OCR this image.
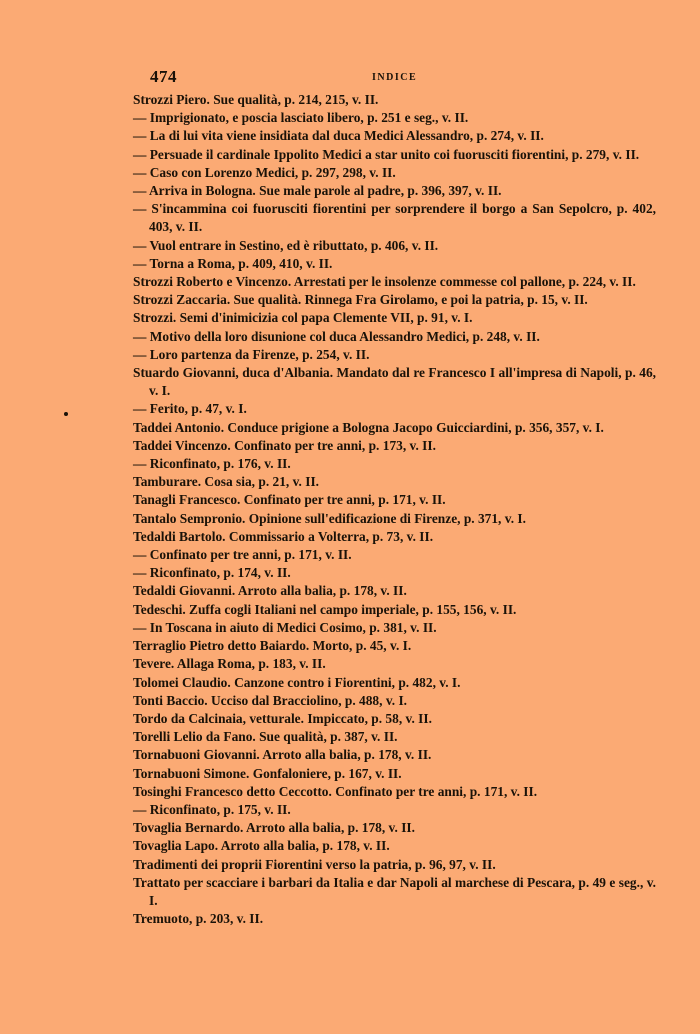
474	INDICE
Strozzi Piero. Sue qualità, p. 214, 215, v. II.
— Imprigionato, e poscia lasciato libero, p. 251 e seg., v. II.
— La di lui vita viene insidiata dal duca Medici Alessandro, p. 274, v. II.
— Persuade il cardinale Ippolito Medici a star unito coi fuorusciti fiorentini, p. 279, v. II.
— Caso con Lorenzo Medici, p. 297, 298, v. II.
— Arriva in Bologna. Sue male parole al padre, p. 396, 397, v. II.
— S'incammina coi fuorusciti fiorentini per sorprendere il borgo a San Sepolcro, p. 402, 403, v. II.
— Vuol entrare in Sestino, ed è ributtato, p. 406, v. II.
— Torna a Roma, p. 409, 410, v. II.
Strozzi Roberto e Vincenzo. Arrestati per le insolenze commesse col pallone, p. 224, v. II.
Strozzi Zaccaria. Sue qualità. Rinnega Fra Girolamo, e poi la patria, p. 15, v. II.
Strozzi. Semi d'inimicizia col papa Clemente VII, p. 91, v. I.
— Motivo della loro disunione col duca Alessandro Medici, p. 248, v. II.
— Loro partenza da Firenze, p. 254, v. II.
Stuardo Giovanni, duca d'Albania. Mandato dal re Francesco I all'impresa di Napoli, p. 46, v. I.
— Ferito, p. 47, v. I.
Taddei Antonio. Conduce prigione a Bologna Jacopo Guicciardini, p. 356, 357, v. I.
Taddei Vincenzo. Confinato per tre anni, p. 173, v. II.
— Riconfinato, p. 176, v. II.
Tamburare. Cosa sia, p. 21, v. II.
Tanagli Francesco. Confinato per tre anni, p. 171, v. II.
Tantalo Sempronio. Opinione sull'edificazione di Firenze, p. 371, v. I.
Tedaldi Bartolo. Commissario a Volterra, p. 73, v. II.
— Confinato per tre anni, p. 171, v. II.
— Riconfinato, p. 174, v. II.
Tedaldi Giovanni. Arroto alla balia, p. 178, v. II.
Tedeschi. Zuffa cogli Italiani nel campo imperiale, p. 155, 156, v. II.
— In Toscana in aiuto di Medici Cosimo, p. 381, v. II.
Terraglio Pietro detto Baiardo. Morto, p. 45, v. I.
Tevere. Allaga Roma, p. 183, v. II.
Tolomei Claudio. Canzone contro i Fiorentini, p. 482, v. I.
Tonti Baccio. Ucciso dal Bracciolino, p. 488, v. I.
Tordo da Calcinaia, vetturale. Impiccato, p. 58, v. II.
Torelli Lelio da Fano. Sue qualità, p. 387, v. II.
Tornabuoni Giovanni. Arroto alla balia, p. 178, v. II.
Tornabuoni Simone. Gonfaloniere, p. 167, v. II.
Tosinghi Francesco detto Ceccotto. Confinato per tre anni, p. 171, v. II.
— Riconfinato, p. 175, v. II.
Tovaglia Bernardo. Arroto alla balia, p. 178, v. II.
Tovaglia Lapo. Arroto alla balia, p. 178, v. II.
Tradimenti dei proprii Fiorentini verso la patria, p. 96, 97, v. II.
Trattato per scacciare i barbari da Italia e dar Napoli al marchese di Pescara, p. 49 e seg., v. I.
Tremuoto, p. 203, v. II.
